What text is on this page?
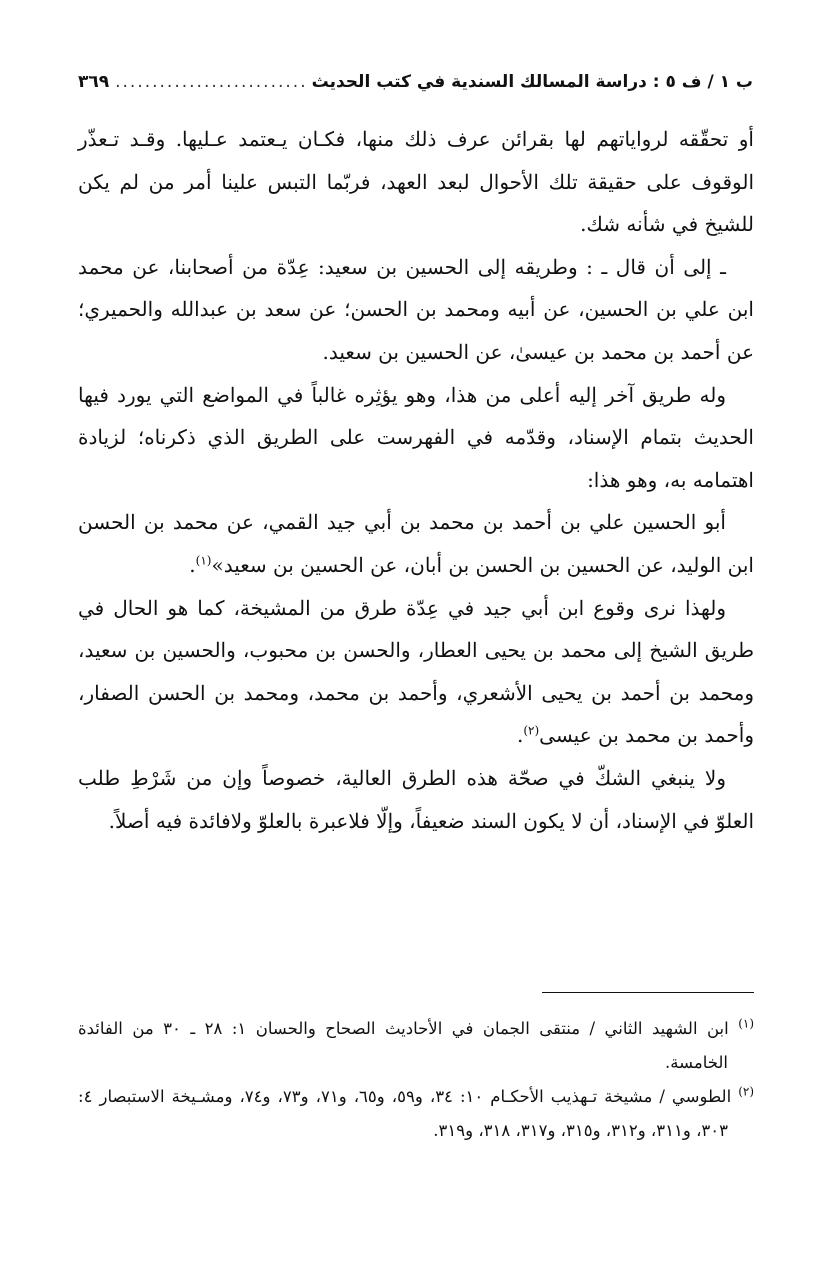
ب ١ / ف ٥ : دراسة المسالك السندية في كتب الحديث
.....
٣٦٩

أو تحقّقه لرواياتهم لها بقرائن عرف ذلك منها، فكـان يـعتمد عـليها. وقـد تـعذّر الوقوف على حقيقة تلك الأحوال لبعد العهد، فربّما التبس علينا أمر من لم يكن للشيخ في شأنه شك.

ـ إلى أن قال ـ : وطريقه إلى الحسين بن سعيد: عِدّة من أصحابنا، عن محمد ابن علي بن الحسين، عن أبيه ومحمد بن الحسن؛ عن سعد بن عبدالله والحميري؛ عن أحمد بن محمد بن عيسىٰ، عن الحسين بن سعيد.

وله طريق آخر إليه أعلى من هذا، وهو يؤثِره غالباً في المواضع التي يورد فيها الحديث بتمام الإسناد، وقدّمه في الفهرست على الطريق الذي ذكرناه؛ لزيادة اهتمامه به، وهو هذا:

أبو الحسين علي بن أحمد بن محمد بن أبي جيد القمي، عن محمد بن الحسن ابن الوليد، عن الحسين بن الحسن بن أبان، عن الحسين بن سعيد»$^{(١)}$.

ولهذا نرى وقوع ابن أبي جيد في عِدّة طرق من المشيخة، كما هو الحال في طريق الشيخ إلى محمد بن يحيى العطار، والحسن بن محبوب، والحسين بن سعيد، ومحمد بن أحمد بن يحيى الأشعري، وأحمد بن محمد، ومحمد بن الحسن الصفار، وأحمد بن محمد بن عيسى$^{(٢)}$.

ولا ينبغي الشكّ في صحّة هذه الطرق العالية، خصوصاً وإن من شَرْطِ طلب العلوّ في الإسناد، أن لا يكون السند ضعيفاً، وإلّا فلاعبرة بالعلوّ ولافائدة فيه أصلاً.

$^{(١)}$ ابن الشهيد الثاني / منتقى الجمان في الأحاديث الصحاح والحسان ١: ٢٨ ـ ٣٠ من الفائدة الخامسة.

$^{(٢)}$ الطوسي / مشيخة تـهذيب الأحكـام ١٠: ٣٤، و٥٩، و٦٥، و٧١، و٧٣، و٧٤، ومشـيخة الاستبصار ٤: ٣٠٣، و٣١١، و٣١٢، و٣١٥، و٣١٧، ٣١٨، و٣١٩.
